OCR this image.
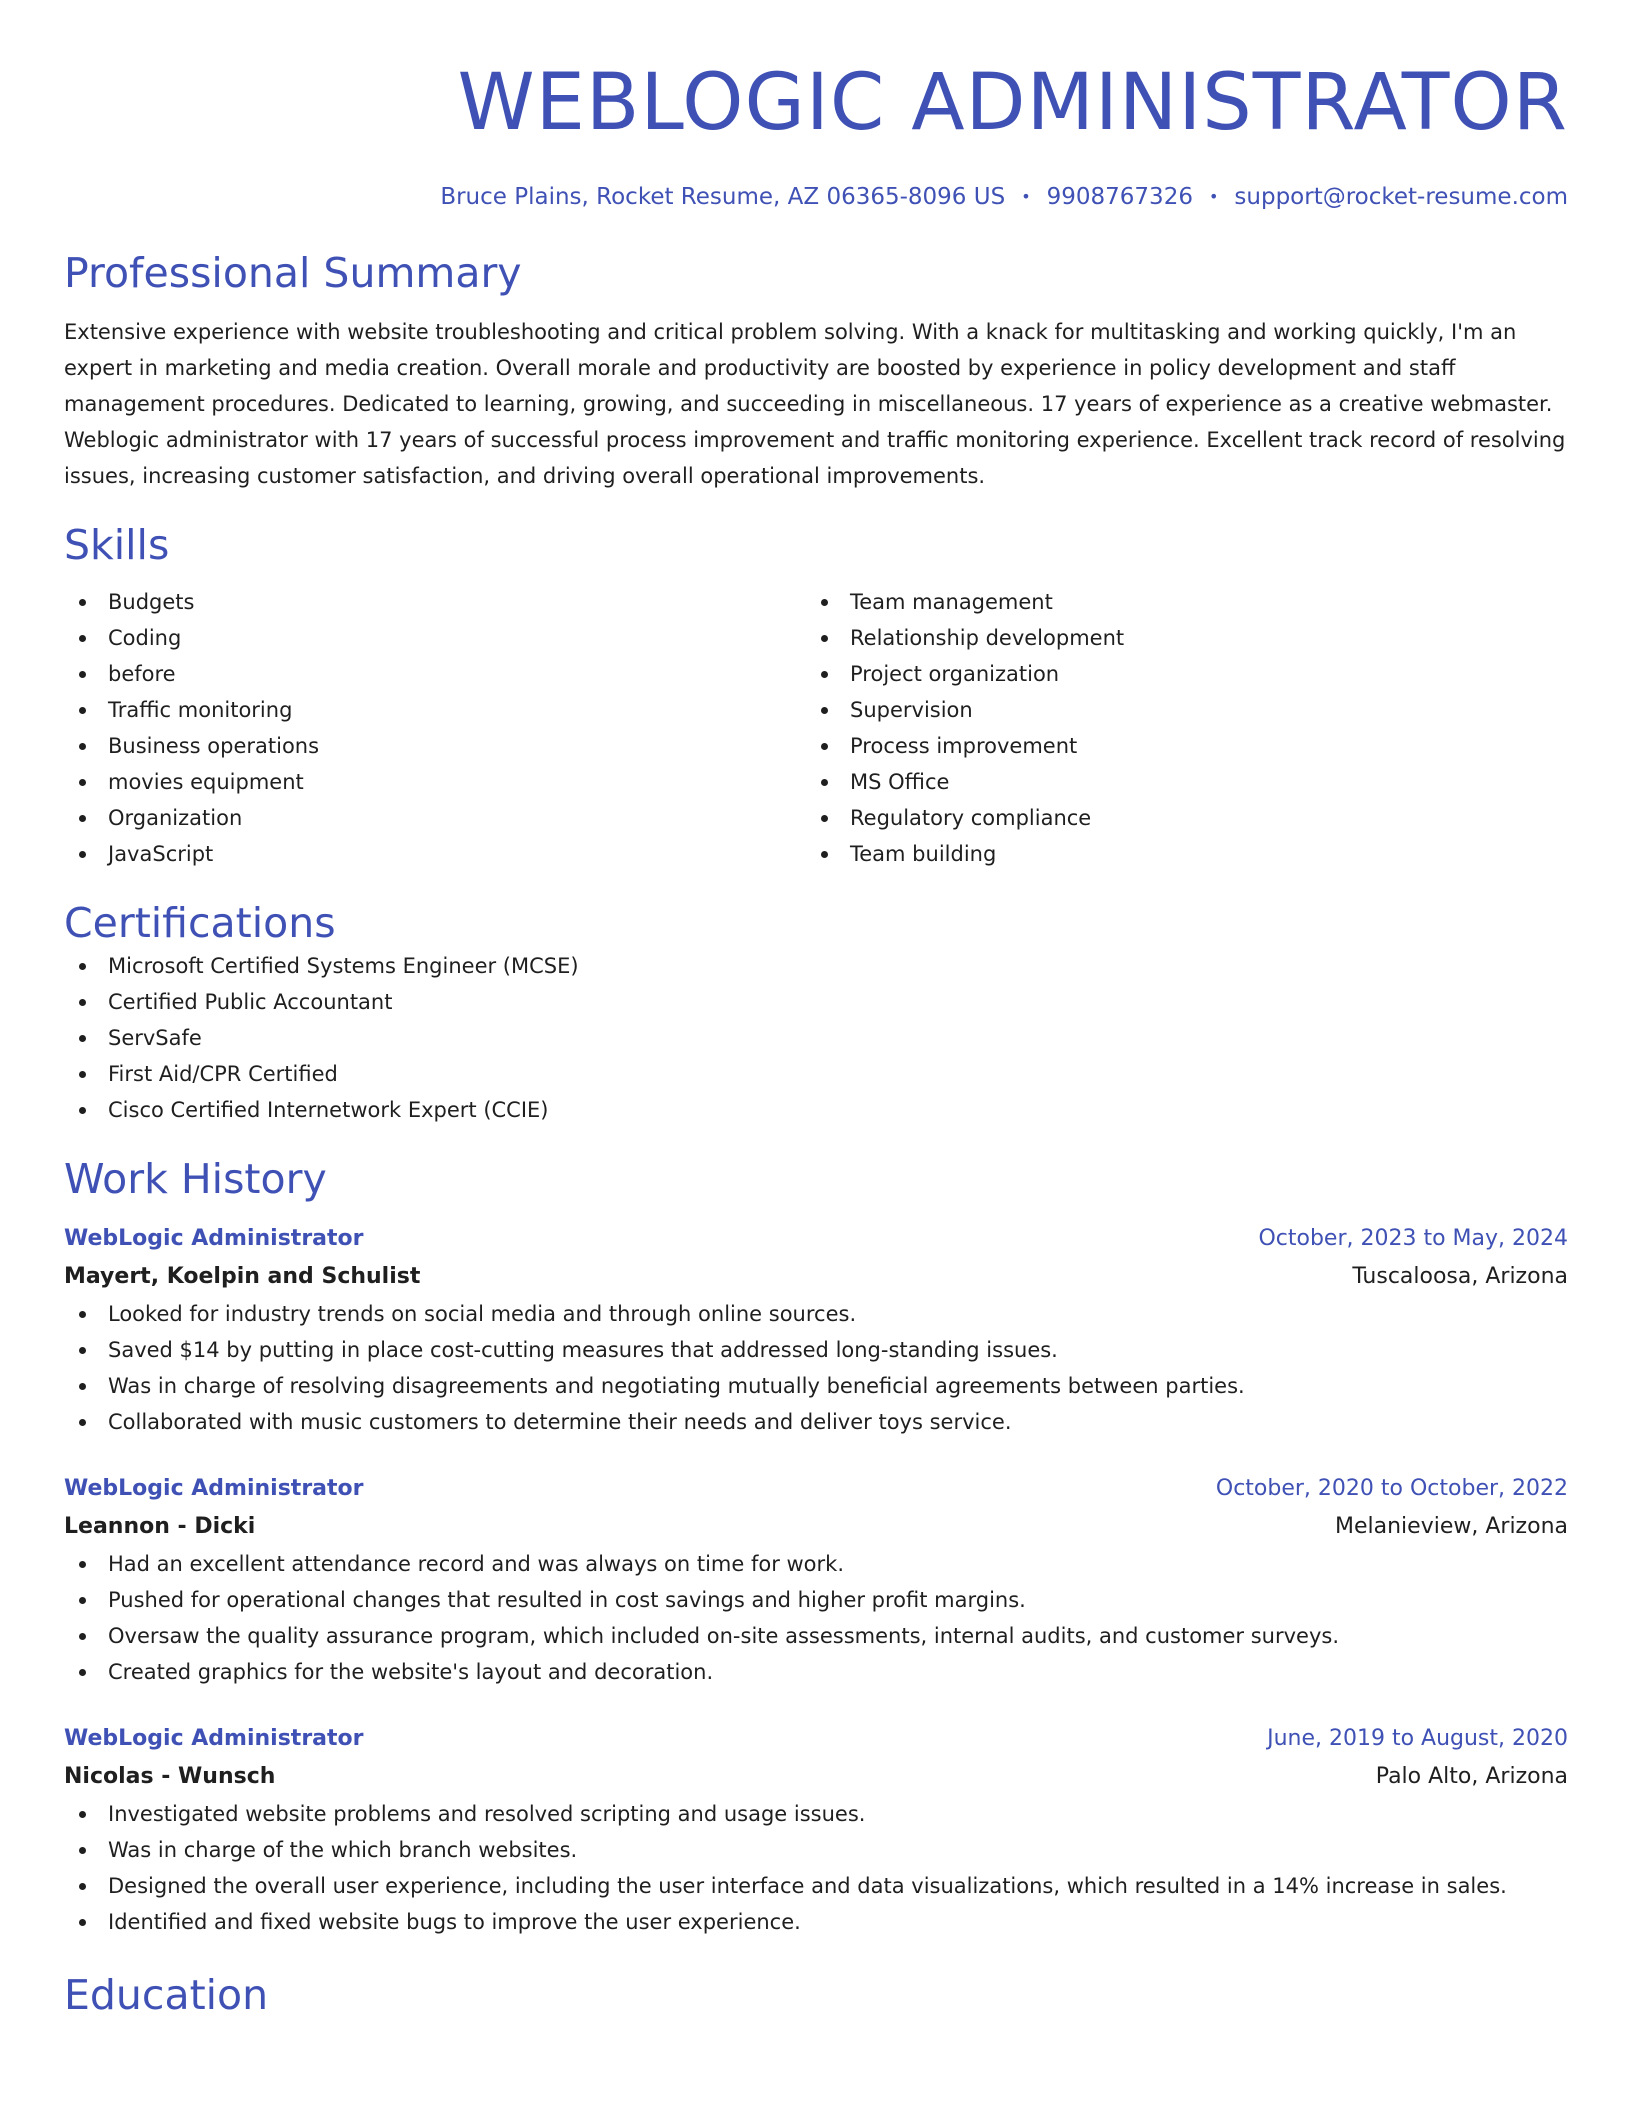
WEBLOGIC ADMINISTRATOR
Bruce Plains, Rocket Resume, AZ 06365-8096 US • 9908767326 • support@rocket-resume.com
Professional Summary
Extensive experience with website troubleshooting and critical problem solving. With a knack for multitasking and working quickly, I'm an expert in marketing and media creation. Overall morale and productivity are boosted by experience in policy development and staff management procedures. Dedicated to learning, growing, and succeeding in miscellaneous. 17 years of experience as a creative webmaster. Weblogic administrator with 17 years of successful process improvement and traffic monitoring experience. Excellent track record of resolving issues, increasing customer satisfaction, and driving overall operational improvements.
Skills
Budgets
Coding
before
Traffic monitoring
Business operations
movies equipment
Organization
JavaScript
Team management
Relationship development
Project organization
Supervision
Process improvement
MS Office
Regulatory compliance
Team building
Certifications
Microsoft Certified Systems Engineer (MCSE)
Certified Public Accountant
ServSafe
First Aid/CPR Certified
Cisco Certified Internetwork Expert (CCIE)
Work History
WebLogic Administrator	October, 2023 to May, 2024
Mayert, Koelpin and Schulist	Tuscaloosa, Arizona
Looked for industry trends on social media and through online sources.
Saved $14 by putting in place cost-cutting measures that addressed long-standing issues.
Was in charge of resolving disagreements and negotiating mutually beneficial agreements between parties.
Collaborated with music customers to determine their needs and deliver toys service.
WebLogic Administrator	October, 2020 to October, 2022
Leannon - Dicki	Melanieview, Arizona
Had an excellent attendance record and was always on time for work.
Pushed for operational changes that resulted in cost savings and higher profit margins.
Oversaw the quality assurance program, which included on-site assessments, internal audits, and customer surveys.
Created graphics for the website's layout and decoration.
WebLogic Administrator	June, 2019 to August, 2020
Nicolas - Wunsch	Palo Alto, Arizona
Investigated website problems and resolved scripting and usage issues.
Was in charge of the which branch websites.
Designed the overall user experience, including the user interface and data visualizations, which resulted in a 14% increase in sales.
Identified and fixed website bugs to improve the user experience.
Education
